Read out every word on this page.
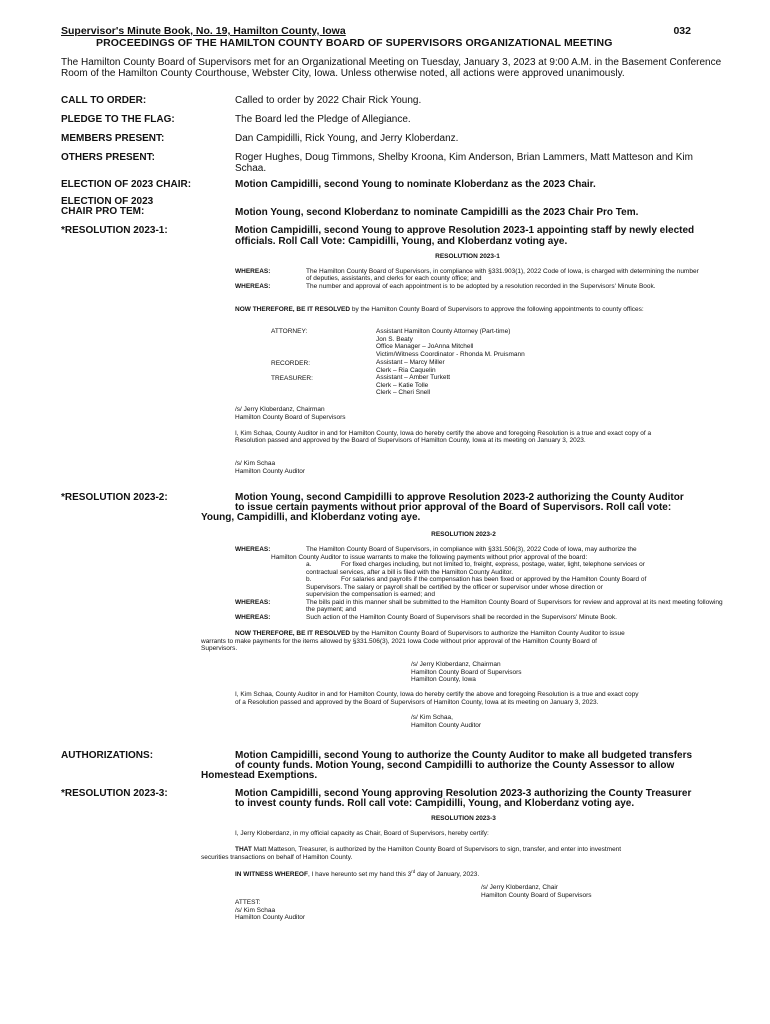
Supervisor's Minute Book, No. 19, Hamilton County, Iowa	032
PROCEEDINGS OF THE HAMILTON COUNTY BOARD OF SUPERVISORS ORGANIZATIONAL MEETING
The Hamilton County Board of Supervisors met for an Organizational Meeting on Tuesday, January 3, 2023 at 9:00 A.M. in the Basement Conference Room of the Hamilton County Courthouse, Webster City, Iowa. Unless otherwise noted, all actions were approved unanimously.
CALL TO ORDER:	Called to order by 2022 Chair Rick Young.
PLEDGE TO THE FLAG:	The Board led the Pledge of Allegiance.
MEMBERS PRESENT:	Dan Campidilli, Rick Young, and Jerry Kloberdanz.
OTHERS PRESENT:	Roger Hughes, Doug Timmons, Shelby Kroona, Kim Anderson, Brian Lammers, Matt Matteson and Kim Schaa.
ELECTION OF 2023 CHAIR:	Motion Campidilli, second Young to nominate Kloberdanz as the 2023 Chair.
ELECTION OF 2023
CHAIR PRO TEM:	Motion Young, second Kloberdanz to nominate Campidilli as the 2023 Chair Pro Tem.
*RESOLUTION 2023-1:	Motion Campidilli, second Young to approve Resolution 2023-1 appointing staff by newly elected officials. Roll Call Vote: Campidilli, Young, and Kloberdanz voting aye.
RESOLUTION 2023-1
WHEREAS:	The Hamilton County Board of Supervisors, in compliance with §331.903(1), 2022 Code of Iowa, is charged with determining the number of deputies, assistants, and clerks for each county office; and
WHEREAS:	The number and approval of each appointment is to be adopted by a resolution recorded in the Supervisors' Minute Book.
NOW THEREFORE, BE IT RESOLVED by the Hamilton County Board of Supervisors to approve the following appointments to county offices:
ATTORNEY:	Assistant Hamilton County Attorney (Part-time)
Jon S. Beaty
Office Manager – JoAnna Mitchell
Victim/Witness Coordinator - Rhonda M. Pruismann
RECORDER:	Assistant – Marcy Miller
Clerk – Ria Caquelin
TREASURER:	Assistant – Amber Turkett
Clerk – Katie Tolle
Clerk – Cheri Snell
/s/ Jerry Kloberdanz, Chairman
Hamilton County Board of Supervisors
I, Kim Schaa, County Auditor in and for Hamilton County, Iowa do hereby certify the above and foregoing Resolution is a true and exact copy of a Resolution passed and approved by the Board of Supervisors of Hamilton County, Iowa at its meeting on January 3, 2023.
/s/ Kim Schaa
Hamilton County Auditor
*RESOLUTION 2023-2:	Motion Young, second Campidilli to approve Resolution 2023-2 authorizing the County Auditor
to issue certain payments without prior approval of the Board of Supervisors. Roll call vote:
Young, Campidilli, and Kloberdanz voting aye.
RESOLUTION 2023-2
WHEREAS:	The Hamilton County Board of Supervisors, in compliance with §331.506(3), 2022 Code of Iowa, may authorize the
Hamilton County Auditor to issue warrants to make the following payments without prior approval of the board:
a.	For fixed charges including, but not limited to, freight, express, postage, water, light, telephone services or
contractual services, after a bill is filed with the Hamilton County Auditor.
b.	For salaries and payrolls if the compensation has been fixed or approved by the Hamilton County Board of
Supervisors. The salary or payroll shall be certified by the officer or supervisor under whose direction or
supervision the compensation is earned; and
WHEREAS:	The bills paid in this manner shall be submitted to the Hamilton County Board of Supervisors for review and approval at its next meeting following the payment; and
WHEREAS:	Such action of the Hamilton County Board of Supervisors shall be recorded in the Supervisors' Minute Book.
NOW THEREFORE, BE IT RESOLVED by the Hamilton County Board of Supervisors to authorize the Hamilton County Auditor to issue
warrants to make payments for the items allowed by §331.506(3), 2021 Iowa Code without prior approval of the Hamilton County Board of
Supervisors.
/s/ Jerry Kloberdanz, Chairman
Hamilton County Board of Supervisors
Hamilton County, Iowa
I, Kim Schaa, County Auditor in and for Hamilton County, Iowa do hereby certify the above and foregoing Resolution is a true and exact copy
of a Resolution passed and approved by the Board of Supervisors of Hamilton County, Iowa at its meeting on January 3, 2023.
/s/ Kim Schaa,
Hamilton County Auditor
AUTHORIZATIONS:	Motion Campidilli, second Young to authorize the County Auditor to make all budgeted transfers
of county funds. Motion Young, second Campidilli to authorize the County Assessor to allow
Homestead Exemptions.
*RESOLUTION 2023-3:	Motion Campidilli, second Young approving Resolution 2023-3 authorizing the County Treasurer
to invest county funds. Roll call vote: Campidilli, Young, and Kloberdanz voting aye.
RESOLUTION 2023-3
I, Jerry Kloberdanz, in my official capacity as Chair, Board of Supervisors, hereby certify:
THAT Matt Matteson, Treasurer, is authorized by the Hamilton County Board of Supervisors to sign, transfer, and enter into investment
securities transactions on behalf of Hamilton County.
IN WITNESS WHEREOF, I have hereunto set my hand this 3rd day of January, 2023.
/s/ Jerry Kloberdanz, Chair
Hamilton County Board of Supervisors
ATTEST:
/s/ Kim Schaa
Hamilton County Auditor
